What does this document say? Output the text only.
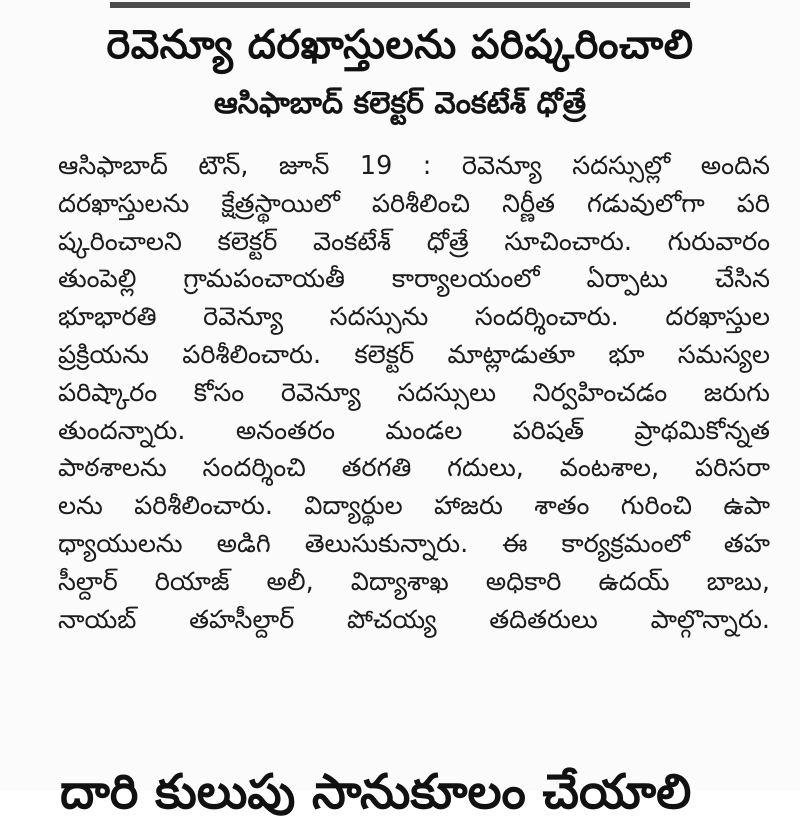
రెవెన్యూ దరఖాస్తులను పరిష్కరించాలి
ఆసిఫాబాద్ కలెక్టర్ వెంకటేశ్ ధోత్రే
ఆసిఫాబాద్ టౌన్, జూన్ 19 : రెవెన్యూ సదస్సుల్లో అందిన
దరఖాస్తులను క్షేత్రస్థాయిలో పరిశీలించి నిర్ణీత గడువులోగా పరి
ష్కరించాలని కలెక్టర్ వెంకటేశ్ ధోత్రే సూచించారు. గురువారం
తుంపెల్లి గ్రామపంచాయతీ కార్యాలయంలో ఏర్పాటు చేసిన
భూభారతి రెవెన్యూ సదస్సును సందర్శించారు. దరఖాస్తుల
ప్రక్రియను పరిశీలించారు. కలెక్టర్ మాట్లాడుతూ భూ సమస్యల
పరిష్కారం కోసం రెవెన్యూ సదస్సులు నిర్వహించడం జరుగు
తుందన్నారు. అనంతరం మండల పరిషత్ ప్రాథమికోన్నత
పాఠశాలను సందర్శించి తరగతి గదులు, వంటశాల, పరిసరా
లను పరిశీలించారు. విద్యార్థుల హాజరు శాతం గురించి ఉపా
ధ్యాయులను అడిగి తెలుసుకున్నారు. ఈ కార్యక్రమంలో తహ
సీల్దార్ రియాజ్ అలీ, విద్యాశాఖ అధికారి ఉదయ్ బాబు,
నాయబ్ తహసీల్దార్ పోచయ్య తదితరులు పాల్గొన్నారు.
దారి కులుపు సానుకూలం చేయాలి
